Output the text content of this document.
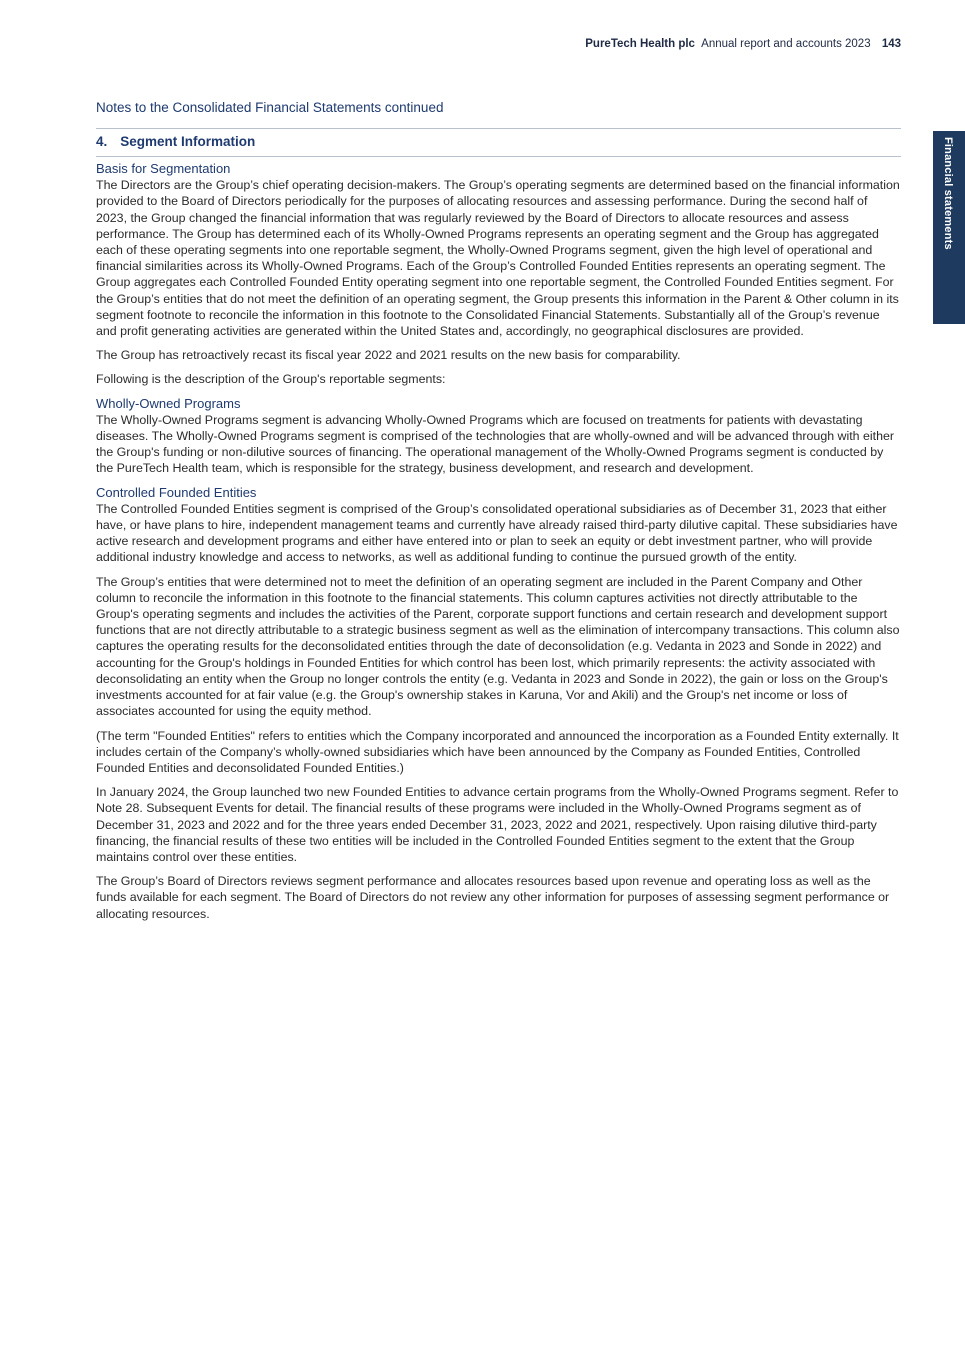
PureTech Health plc Annual report and accounts 2023 143
Financial statements
Notes to the Consolidated Financial Statements continued
4. Segment Information
Basis for Segmentation

The Directors are the Group’s chief operating decision-makers. The Group’s operating segments are determined based on the financial information provided to the Board of Directors periodically for the purposes of allocating resources and assessing performance. During the second half of 2023, the Group changed the financial information that was regularly reviewed by the Board of Directors to allocate resources and assess performance. The Group has determined each of its Wholly-Owned Programs represents an operating segment and the Group has aggregated each of these operating segments into one reportable segment, the Wholly-Owned Programs segment, given the high level of operational and financial similarities across its Wholly-Owned Programs. Each of the Group’s Controlled Founded Entities represents an operating segment. The Group aggregates each Controlled Founded Entity operating segment into one reportable segment, the Controlled Founded Entities segment. For the Group’s entities that do not meet the definition of an operating segment, the Group presents this information in the Parent & Other column in its segment footnote to reconcile the information in this footnote to the Consolidated Financial Statements. Substantially all of the Group’s revenue and profit generating activities are generated within the United States and, accordingly, no geographical disclosures are provided.

The Group has retroactively recast its fiscal year 2022 and 2021 results on the new basis for comparability.

Following is the description of the Group's reportable segments:

Wholly-Owned Programs

The Wholly-Owned Programs segment is advancing Wholly-Owned Programs which are focused on treatments for patients with devastating diseases. The Wholly-Owned Programs segment is comprised of the technologies that are wholly-owned and will be advanced through with either the Group's funding or non-dilutive sources of financing. The operational management of the Wholly-Owned Programs segment is conducted by the PureTech Health team, which is responsible for the strategy, business development, and research and development.

Controlled Founded Entities

The Controlled Founded Entities segment is comprised of the Group’s consolidated operational subsidiaries as of December 31, 2023 that either have, or have plans to hire, independent management teams and currently have already raised third-party dilutive capital. These subsidiaries have active research and development programs and either have entered into or plan to seek an equity or debt investment partner, who will provide additional industry knowledge and access to networks, as well as additional funding to continue the pursued growth of the entity.

The Group’s entities that were determined not to meet the definition of an operating segment are included in the Parent Company and Other column to reconcile the information in this footnote to the financial statements. This column captures activities not directly attributable to the Group's operating segments and includes the activities of the Parent, corporate support functions and certain research and development support functions that are not directly attributable to a strategic business segment as well as the elimination of intercompany transactions. This column also captures the operating results for the deconsolidated entities through the date of deconsolidation (e.g. Vedanta in 2023 and Sonde in 2022) and accounting for the Group's holdings in Founded Entities for which control has been lost, which primarily represents: the activity associated with deconsolidating an entity when the Group no longer controls the entity (e.g. Vedanta in 2023 and Sonde in 2022), the gain or loss on the Group's investments accounted for at fair value (e.g. the Group's ownership stakes in Karuna, Vor and Akili) and the Group's net income or loss of associates accounted for using the equity method.

(The term "Founded Entities" refers to entities which the Company incorporated and announced the incorporation as a Founded Entity externally. It includes certain of the Company’s wholly-owned subsidiaries which have been announced by the Company as Founded Entities, Controlled Founded Entities and deconsolidated Founded Entities.)

In January 2024, the Group launched two new Founded Entities to advance certain programs from the Wholly-Owned Programs segment. Refer to Note 28. Subsequent Events for detail. The financial results of these programs were included in the Wholly-Owned Programs segment as of December 31, 2023 and 2022 and for the three years ended December 31, 2023, 2022 and 2021, respectively. Upon raising dilutive third-party financing, the financial results of these two entities will be included in the Controlled Founded Entities segment to the extent that the Group maintains control over these entities.

The Group’s Board of Directors reviews segment performance and allocates resources based upon revenue and operating loss as well as the funds available for each segment. The Board of Directors do not review any other information for purposes of assessing segment performance or allocating resources.
